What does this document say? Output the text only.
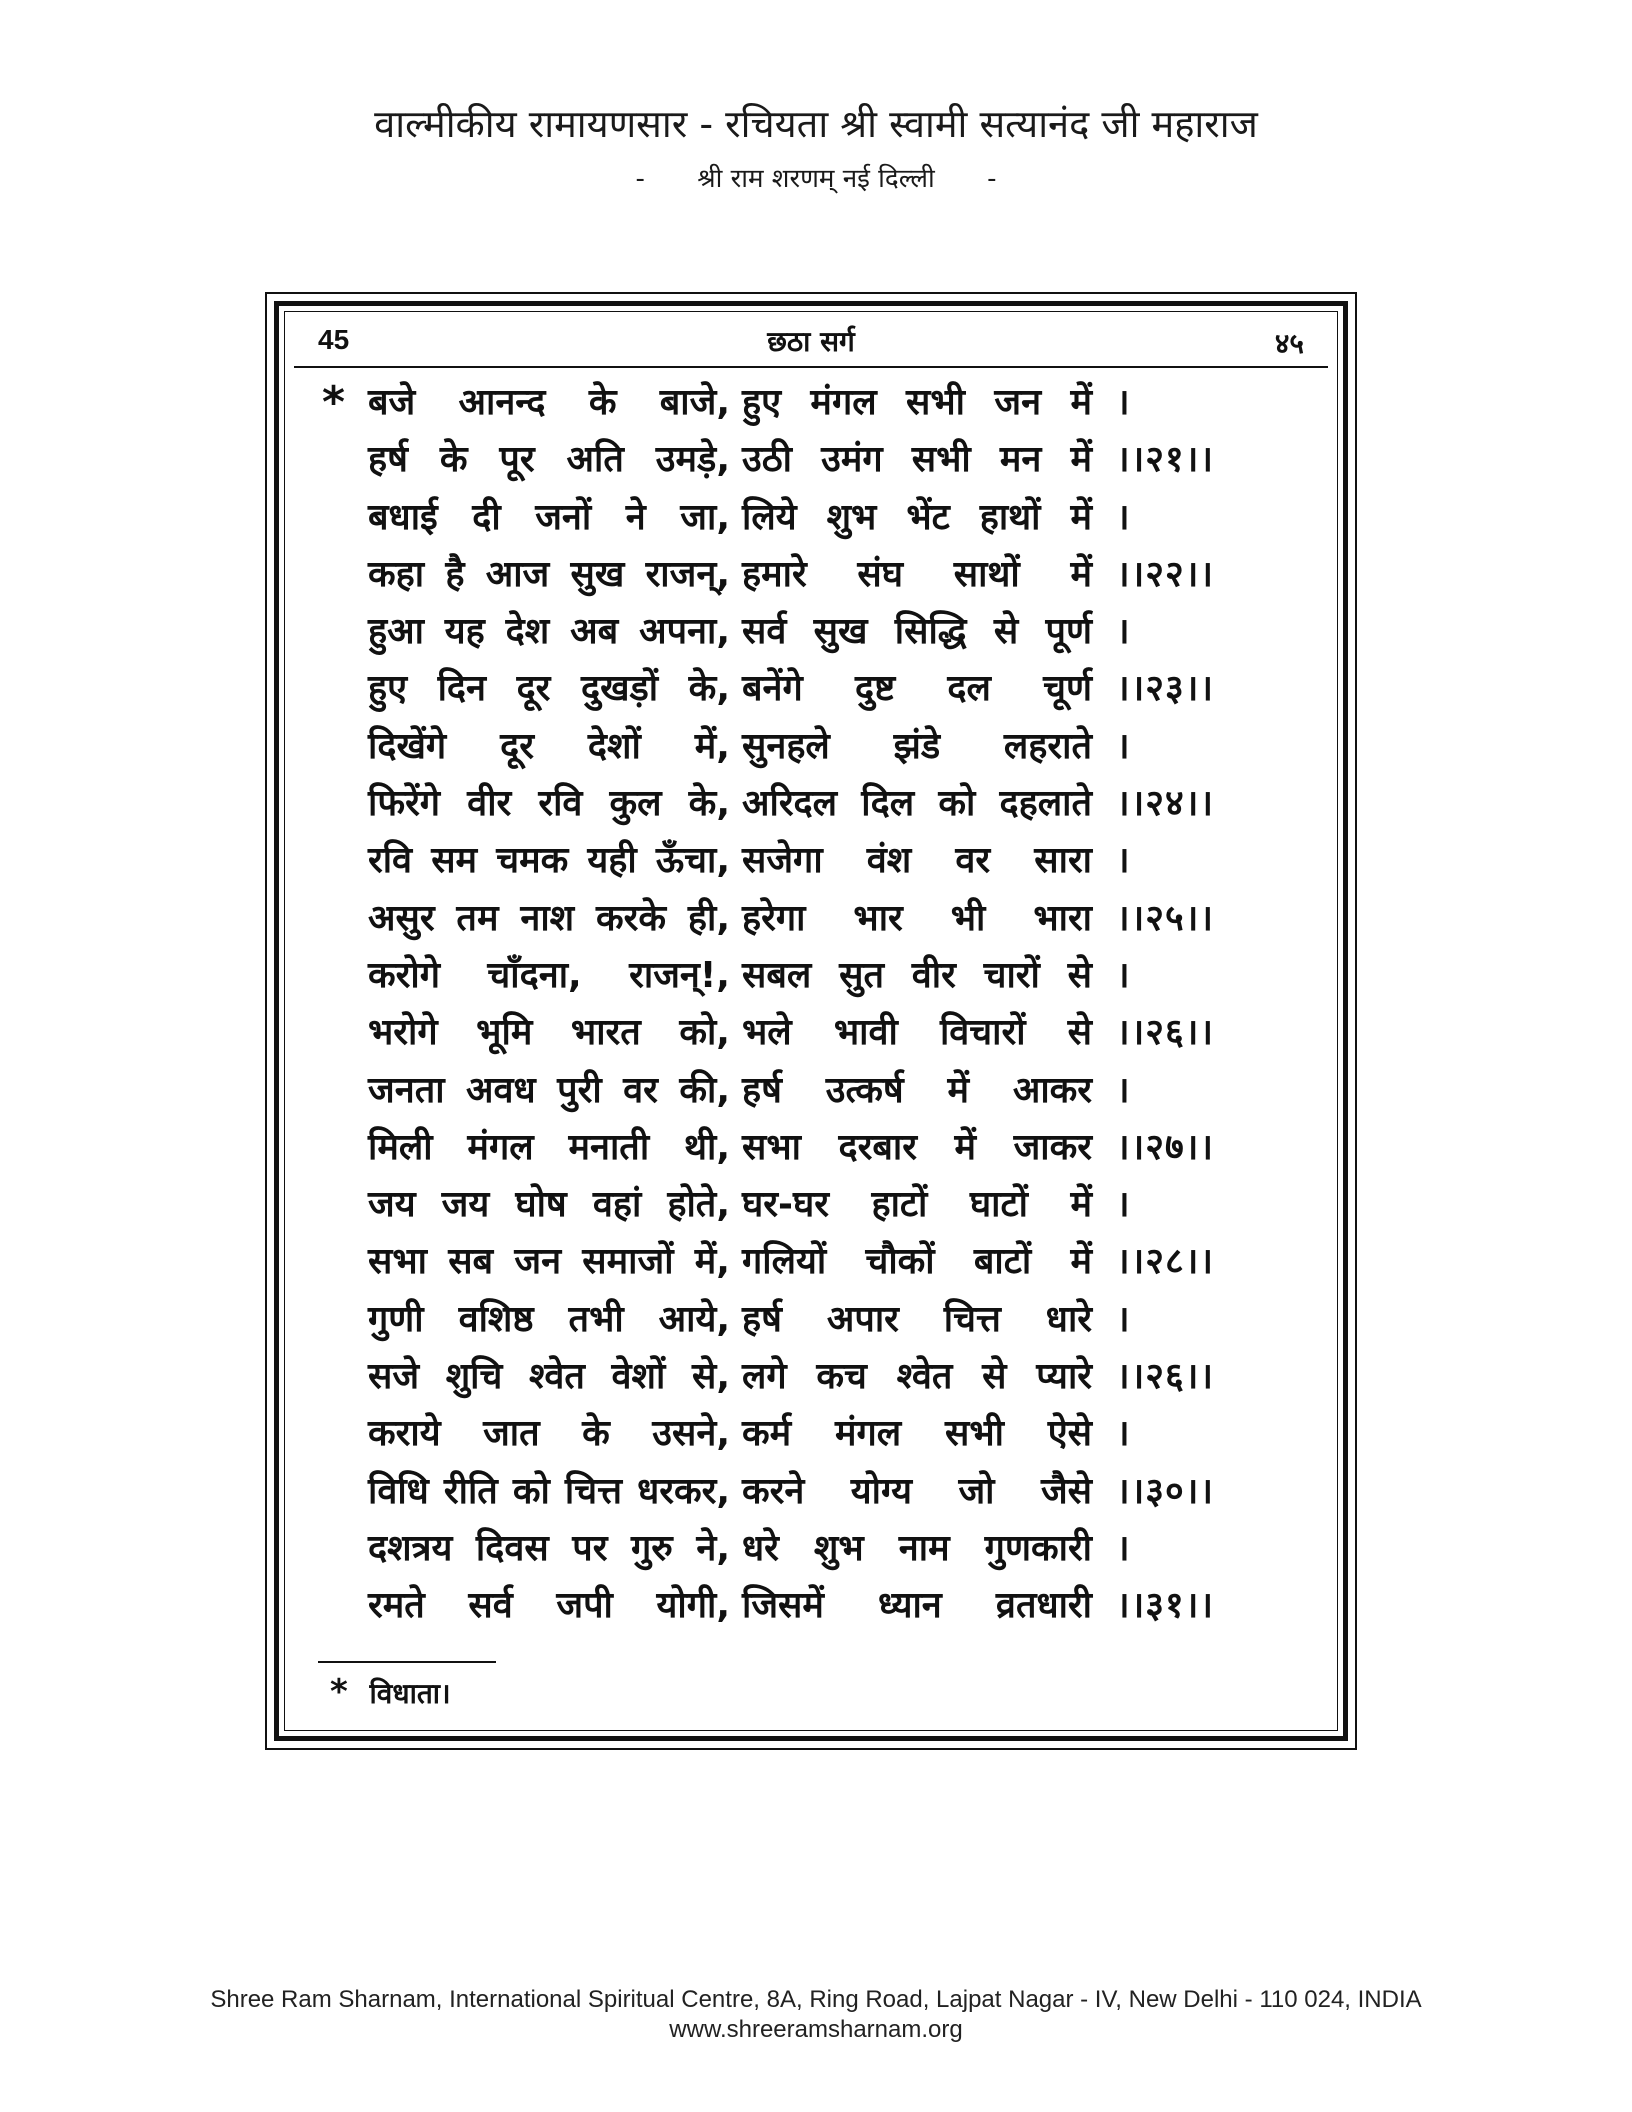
वाल्मीकीय रामायणसार - रचियता श्री स्वामी सत्यानंद जी महाराज
- श्री राम शरणम् नई दिल्ली -
45	छठा सर्ग	४५
* बजे आनन्द के बाजे, हुए मंगल सभी जन में ।
हर्ष के पूर अति उमड़े, उठी उमंग सभी मन में ।।२१।।
बधाई दी जनों ने जा, लिये शुभ भेंट हाथों में ।
कहा है आज सुख राजन्, हमारे संघ साथों में ।।२२।।
हुआ यह देश अब अपना, सर्व सुख सिद्धि से पूर्ण ।
हुए दिन दूर दुखड़ों के, बनेंगे दुष्ट दल चूर्ण ।।२३।।
दिखेंगे दूर देशों में, सुनहले झंडे लहराते ।
फिरेंगे वीर रवि कुल के, अरिदल दिल को दहलाते ।।२४।।
रवि सम चमक यही ऊँचा, सजेगा वंश वर सारा ।
असुर तम नाश करके ही, हरेगा भार भी भारा ।।२५।।
करोगे चाँदना, राजन्!, सबल सुत वीर चारों से ।
भरोगे भूमि भारत को, भले भावी विचारों से ।।२६।।
जनता अवध पुरी वर की, हर्ष उत्कर्ष में आकर ।
मिली मंगल मनाती थी, सभा दरबार में जाकर ।।२७।।
जय जय घोष वहां होते, घर-घर हाटों घाटों में ।
सभा सब जन समाजों में, गलियों चौकों बाटों में ।।२८।।
गुणी वशिष्ठ तभी आये, हर्ष अपार चित्त धारे ।
सजे शुचि श्वेत वेशों से, लगे कच श्वेत से प्यारे ।।२६।।
कराये जात के उसने, कर्म मंगल सभी ऐसे ।
विधि रीति को चित्त धरकर, करने योग्य जो जैसे ।।३०।।
दशत्रय दिवस पर गुरु ने, धरे शुभ नाम गुणकारी ।
रमते सर्व जपी योगी, जिसमें ध्यान व्रतधारी ।।३१।।
* विधाता।
Shree Ram Sharnam, International Spiritual Centre, 8A, Ring Road, Lajpat Nagar - IV, New Delhi - 110 024, INDIA
www.shreeramsharnam.org
